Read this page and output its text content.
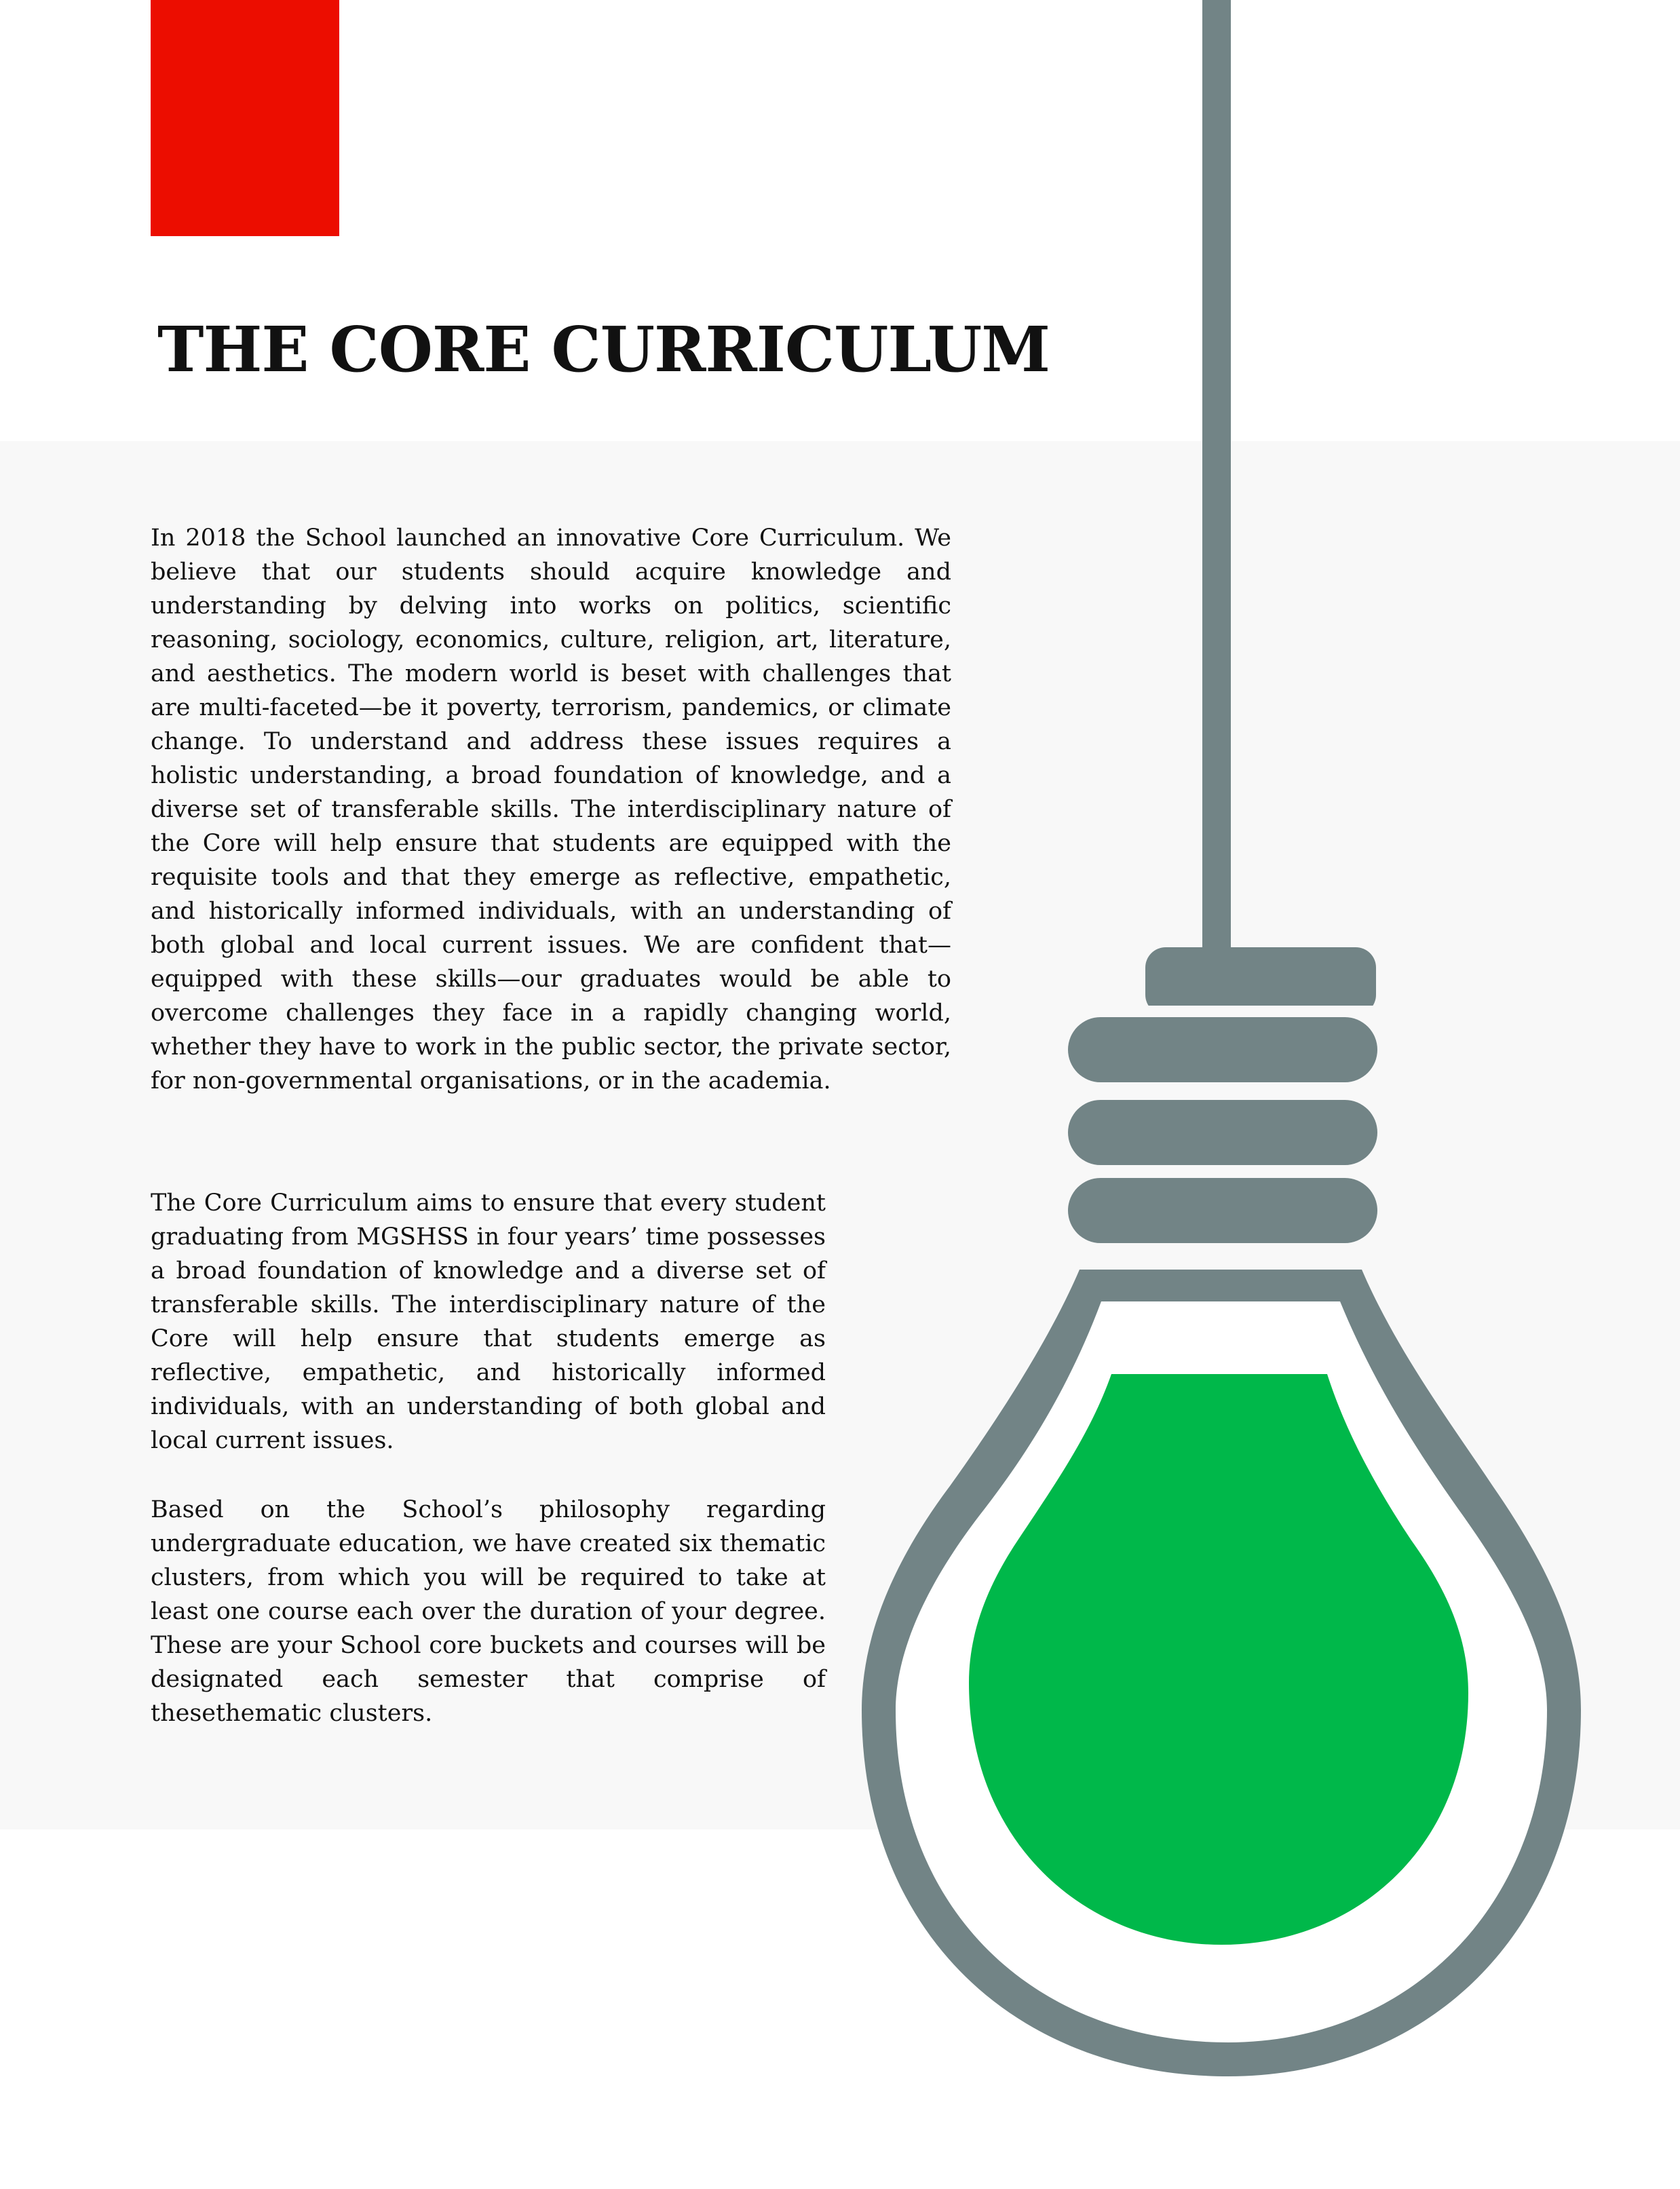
THE CORE CURRICULUM

In 2018 the School launched an innovative Core Curriculum. We believe that our students should acquire knowledge and understanding by delving into works on politics, scientific reasoning, sociology, economics, culture, religion, art, literature, and aesthetics. The modern world is beset with challenges that are multi-faceted—be it poverty, terrorism, pandemics, or climate change. To understand and address these issues requires a holistic understanding, a broad foundation of knowledge, and a diverse set of transferable skills. The interdisciplinary nature of the Core will help ensure that students are equipped with the requisite tools and that they emerge as reflective, empathetic, and historically informed individuals, with an understanding of both global and local current issues. We are confident that—equipped with these skills—our graduates would be able to overcome challenges they face in a rapidly changing world, whether they have to work in the public sector, the private sector, for non-governmental organisations, or in the academia.

The Core Curriculum aims to ensure that every student graduating from MGSHSS in four years’ time possesses a broad foundation of knowledge and a diverse set of transferable skills. The interdisciplinary nature of the Core will help ensure that students emerge as reflective, empathetic, and historically informed individuals, with an understanding of both global and local current issues.

Based on the School’s philosophy regarding undergraduate education, we have created six thematic clusters, from which you will be required to take at least one course each over the duration of your degree. These are your School core buckets and courses will be designated each semester that comprise of thesethematic clusters.
